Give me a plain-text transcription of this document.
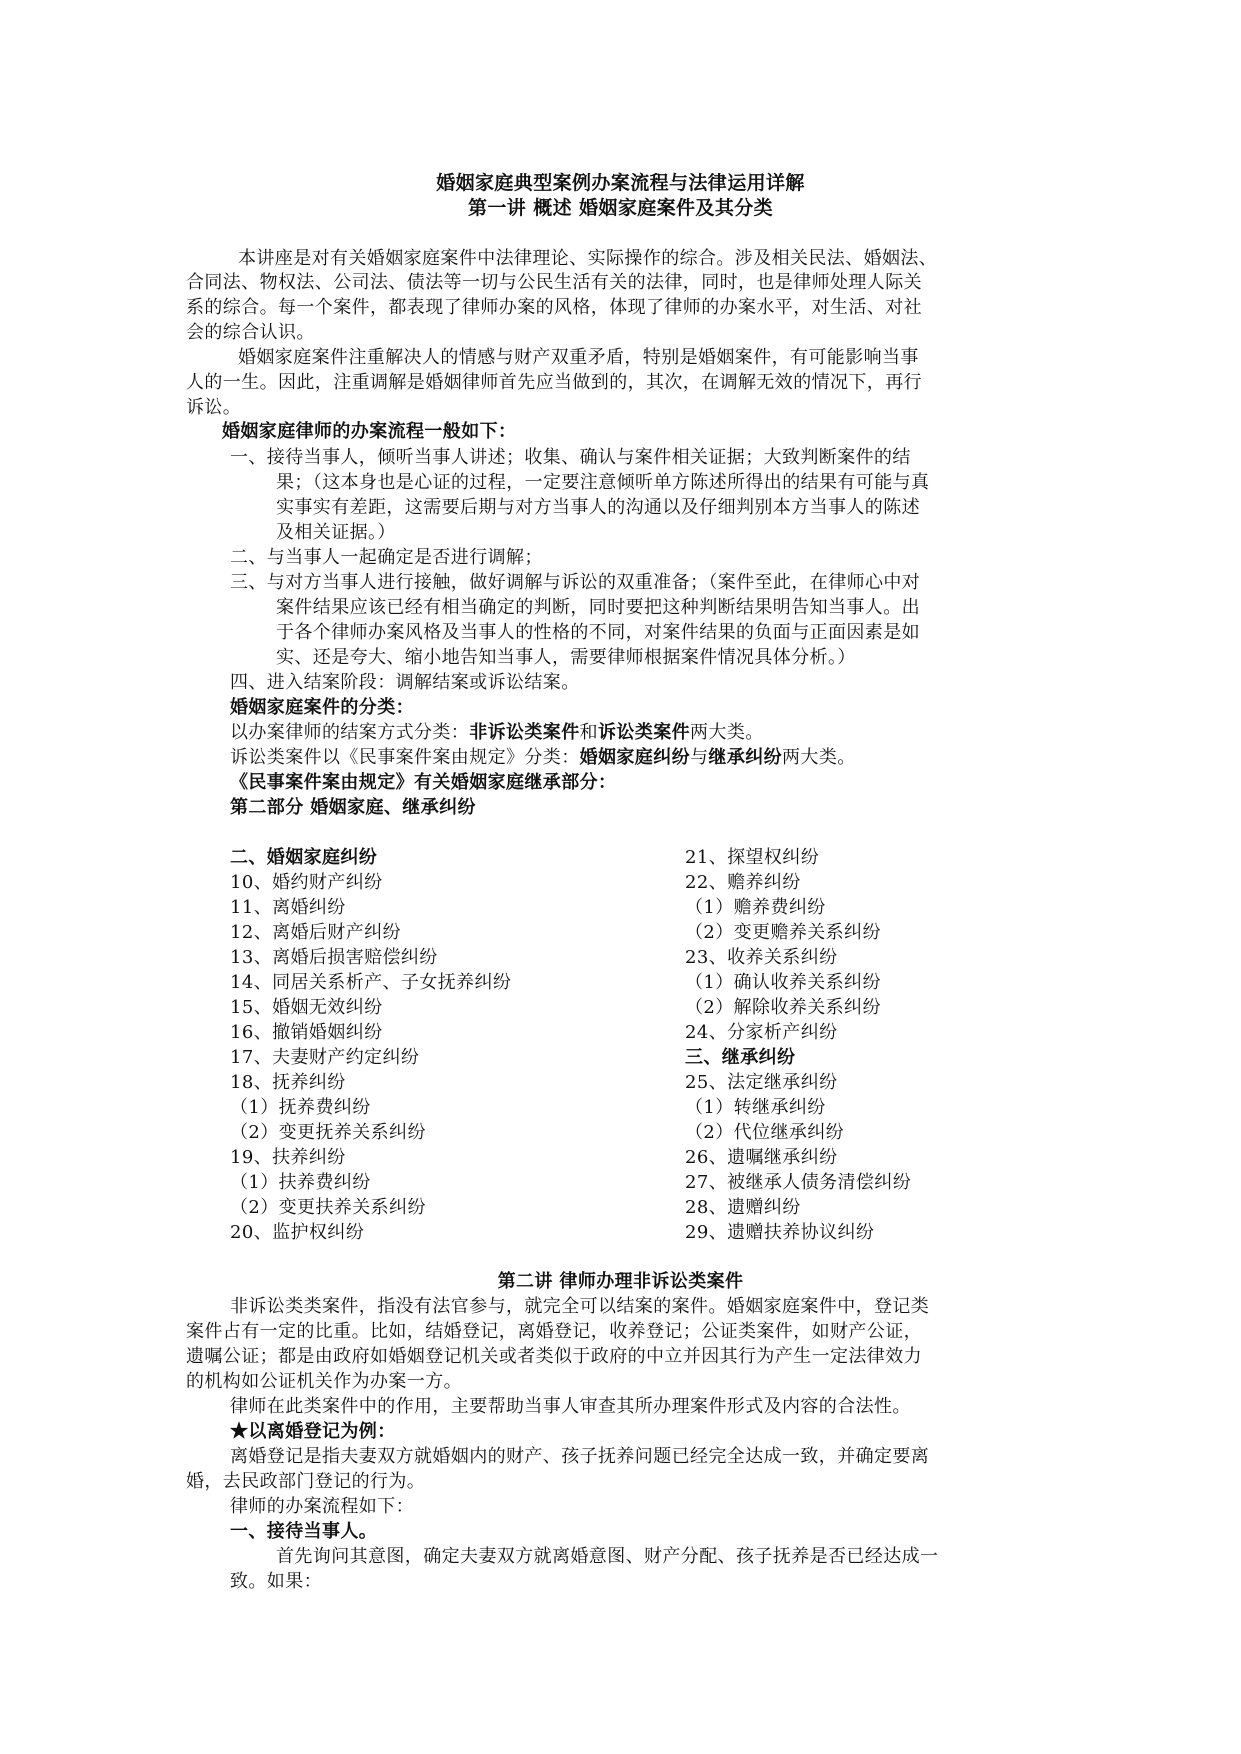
婚姻家庭典型案例办案流程与法律运用详解
第一讲 概述 婚姻家庭案件及其分类
本讲座是对有关婚姻家庭案件中法律理论、实际操作的综合。涉及相关民法、婚姻法、
合同法、物权法、公司法、债法等一切与公民生活有关的法律，同时，也是律师处理人际关
系的综合。每一个案件，都表现了律师办案的风格，体现了律师的办案水平，对生活、对社
会的综合认识。
婚姻家庭案件注重解决人的情感与财产双重矛盾，特别是婚姻案件，有可能影响当事
人的一生。因此，注重调解是婚姻律师首先应当做到的，其次，在调解无效的情况下，再行
诉讼。
婚姻家庭律师的办案流程一般如下：
一、接待当事人，倾听当事人讲述；收集、确认与案件相关证据；大致判断案件的结
果；（这本身也是心证的过程，一定要注意倾听单方陈述所得出的结果有可能与真
实事实有差距，这需要后期与对方当事人的沟通以及仔细判别本方当事人的陈述
及相关证据。）
二、与当事人一起确定是否进行调解；
三、与对方当事人进行接触，做好调解与诉讼的双重准备；（案件至此，在律师心中对
案件结果应该已经有相当确定的判断，同时要把这种判断结果明告知当事人。出
于各个律师办案风格及当事人的性格的不同，对案件结果的负面与正面因素是如
实、还是夸大、缩小地告知当事人，需要律师根据案件情况具体分析。）
四、进入结案阶段：调解结案或诉讼结案。
婚姻家庭案件的分类：
以办案律师的结案方式分类：非诉讼类案件和诉讼类案件两大类。
诉讼类案件以《民事案件案由规定》分类：婚姻家庭纠纷与继承纠纷两大类。
《民事案件案由规定》有关婚姻家庭继承部分：
第二部分 婚姻家庭、继承纠纷
二、婚姻家庭纠纷
10、婚约财产纠纷
11、离婚纠纷
12、离婚后财产纠纷
13、离婚后损害赔偿纠纷
14、同居关系析产、子女抚养纠纷
15、婚姻无效纠纷
16、撤销婚姻纠纷
17、夫妻财产约定纠纷
18、抚养纠纷
（1）抚养费纠纷
（2）变更抚养关系纠纷
19、扶养纠纷
（1）扶养费纠纷
（2）变更扶养关系纠纷
20、监护权纠纷
21、探望权纠纷
22、赡养纠纷
（1）赡养费纠纷
（2）变更赡养关系纠纷
23、收养关系纠纷
（1）确认收养关系纠纷
（2）解除收养关系纠纷
24、分家析产纠纷
三、继承纠纷
25、法定继承纠纷
（1）转继承纠纷
（2）代位继承纠纷
26、遗嘱继承纠纷
27、被继承人债务清偿纠纷
28、遗赠纠纷
29、遗赠扶养协议纠纷
第二讲 律师办理非诉讼类案件
非诉讼类类案件，指没有法官参与，就完全可以结案的案件。婚姻家庭案件中，登记类
案件占有一定的比重。比如，结婚登记，离婚登记，收养登记；公证类案件，如财产公证，
遗嘱公证；都是由政府如婚姻登记机关或者类似于政府的中立并因其行为产生一定法律效力
的机构如公证机关作为办案一方。
律师在此类案件中的作用，主要帮助当事人审查其所办理案件形式及内容的合法性。
★以离婚登记为例：
离婚登记是指夫妻双方就婚姻内的财产、孩子抚养问题已经完全达成一致，并确定要离
婚，去民政部门登记的行为。
律师的办案流程如下：
一、接待当事人。
首先询问其意图，确定夫妻双方就离婚意图、财产分配、孩子抚养是否已经达成一
致。如果：
